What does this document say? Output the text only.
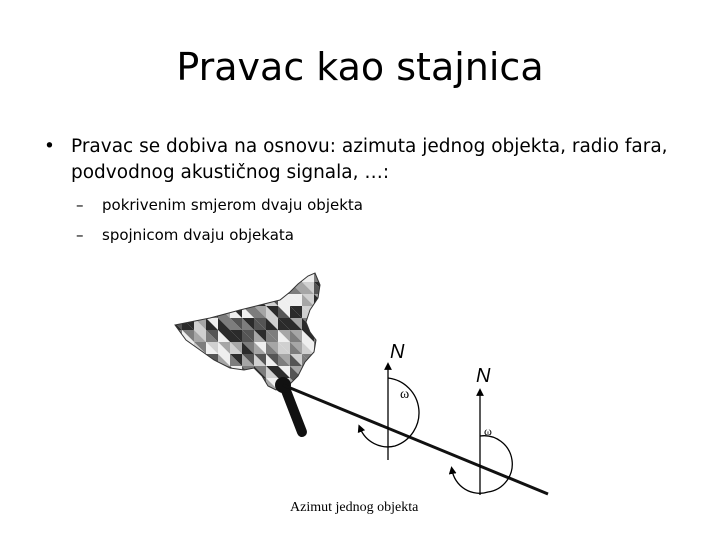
Pravac kao stajnica
• Pravac se dobiva na osnovu: azimuta jednog objekta, radio fara, podvodnog akustičnog signala, …:
– pokrivenim smjerom dvaju objekta
– spojnicom dvaju objekata
N
ω
N
ω
Azimut jednog objekta
